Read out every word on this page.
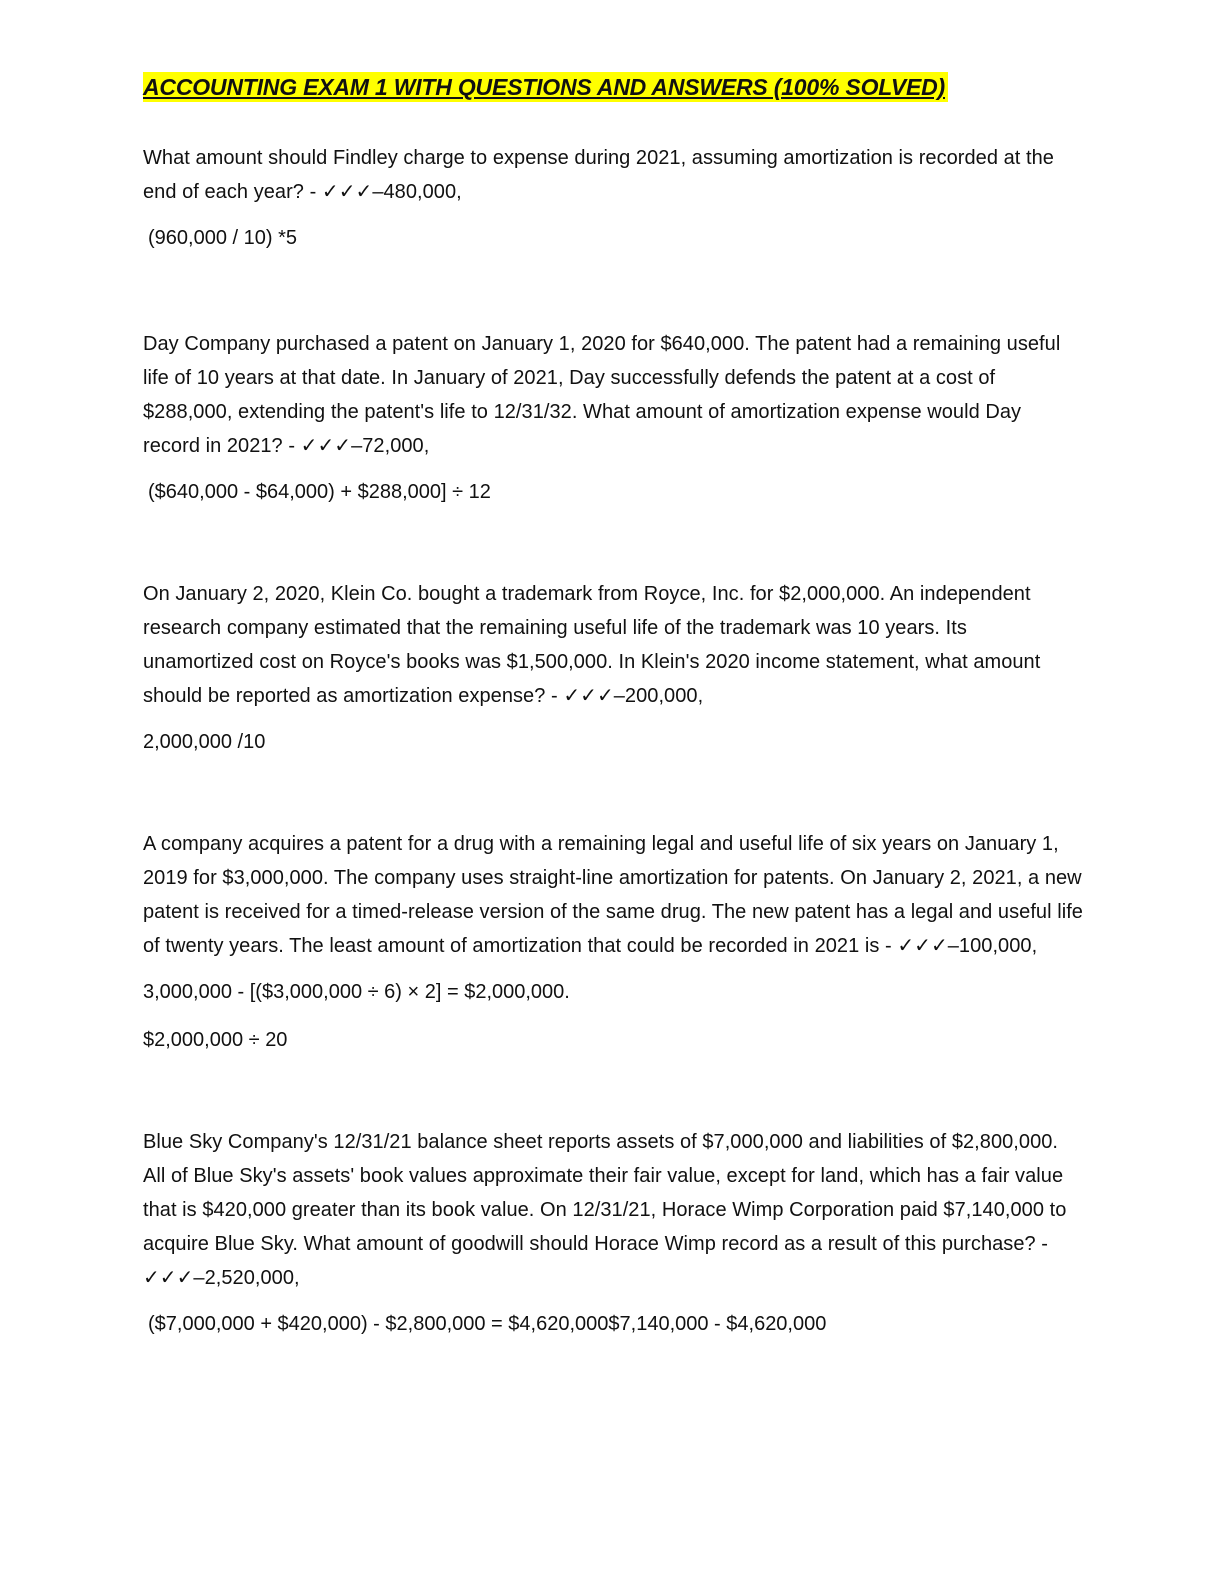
ACCOUNTING EXAM 1 WITH QUESTIONS AND ANSWERS (100% SOLVED)

What amount should Findley charge to expense during 2021, assuming amortization is recorded at the end of each year? - ✓✓✓–480,000,

(960,000 / 10) *5

Day Company purchased a patent on January 1, 2020 for $640,000. The patent had a remaining useful life of 10 years at that date. In January of 2021, Day successfully defends the patent at a cost of $288,000, extending the patent's life to 12/31/32. What amount of amortization expense would Day record in 2021? - ✓✓✓–72,000,

($640,000 - $64,000) + $288,000] ÷ 12

On January 2, 2020, Klein Co. bought a trademark from Royce, Inc. for $2,000,000. An independent research company estimated that the remaining useful life of the trademark was 10 years. Its unamortized cost on Royce's books was $1,500,000. In Klein's 2020 income statement, what amount should be reported as amortization expense? - ✓✓✓–200,000,

2,000,000 /10

A company acquires a patent for a drug with a remaining legal and useful life of six years on January 1, 2019 for $3,000,000. The company uses straight-line amortization for patents. On January 2, 2021, a new patent is received for a timed-release version of the same drug. The new patent has a legal and useful life of twenty years. The least amount of amortization that could be recorded in 2021 is - ✓✓✓–100,000,

3,000,000 - [($3,000,000 ÷ 6) × 2] = $2,000,000.

$2,000,000 ÷ 20

Blue Sky Company's 12/31/21 balance sheet reports assets of $7,000,000 and liabilities of $2,800,000. All of Blue Sky's assets' book values approximate their fair value, except for land, which has a fair value that is $420,000 greater than its book value. On 12/31/21, Horace Wimp Corporation paid $7,140,000 to acquire Blue Sky. What amount of goodwill should Horace Wimp record as a result of this purchase? - ✓✓✓–2,520,000,

($7,000,000 + $420,000) - $2,800,000 = $4,620,000$7,140,000 - $4,620,000
